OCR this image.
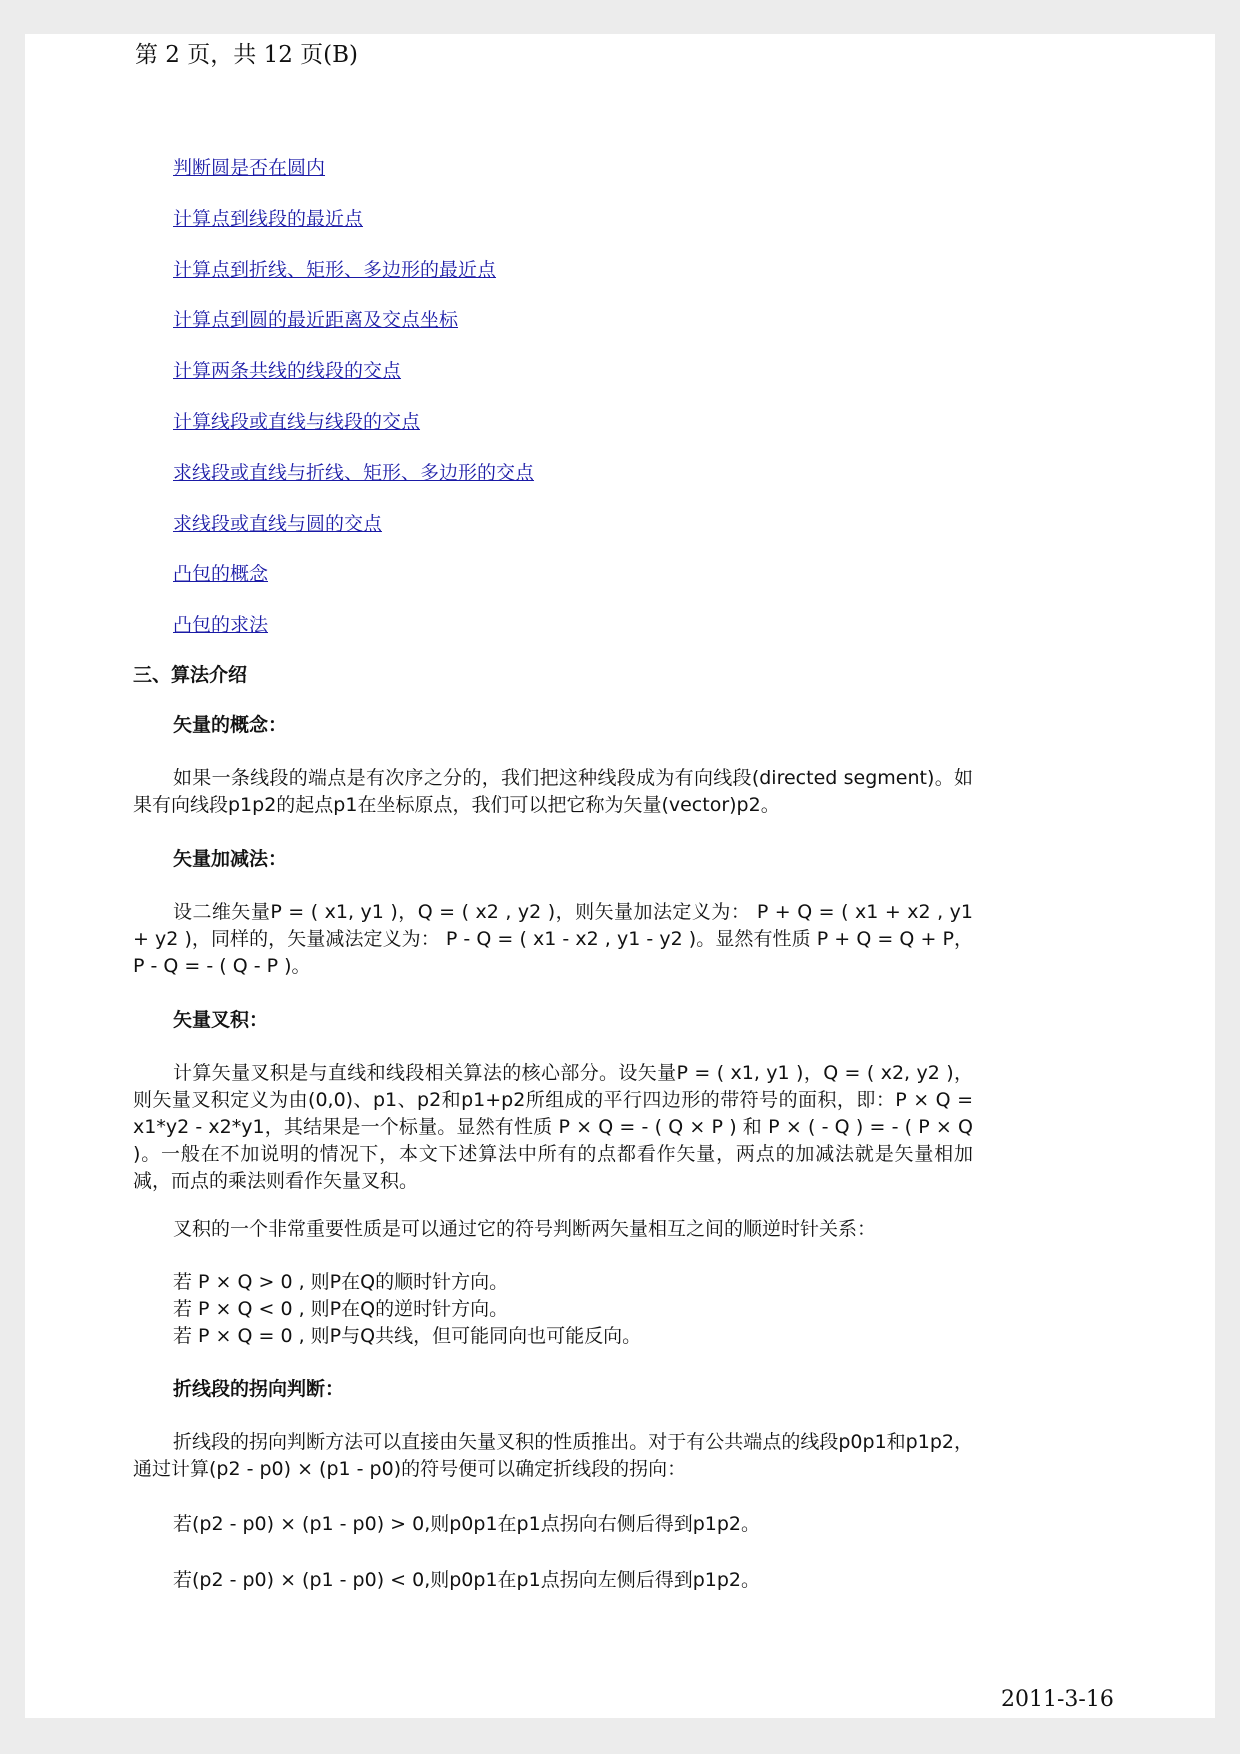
第 2 页，共 12 页(B)
判断圆是否在圆内
计算点到线段的最近点
计算点到折线、矩形、多边形的最近点
计算点到圆的最近距离及交点坐标
计算两条共线的线段的交点
计算线段或直线与线段的交点
求线段或直线与折线、矩形、多边形的交点
求线段或直线与圆的交点
凸包的概念
凸包的求法
三、算法介绍
矢量的概念：

如果一条线段的端点是有次序之分的，我们把这种线段成为有向线段(directed segment)。如果有向线段p1p2的起点p1在坐标原点，我们可以把它称为矢量(vector)p2。

矢量加减法：

设二维矢量P = ( x1, y1 )，Q = ( x2 , y2 )，则矢量加法定义为： P + Q = ( x1 + x2 , y1 + y2 )，同样的，矢量减法定义为： P - Q = ( x1 - x2 , y1 - y2 )。显然有性质 P + Q = Q + P，P - Q = - ( Q - P )。

矢量叉积：

计算矢量叉积是与直线和线段相关算法的核心部分。设矢量P = ( x1, y1 )，Q = ( x2, y2 )，则矢量叉积定义为由(0,0)、p1、p2和p1+p2所组成的平行四边形的带符号的面积，即：P × Q = x1*y2 - x2*y1，其结果是一个标量。显然有性质 P × Q = - ( Q × P ) 和 P × ( - Q ) = - ( P × Q )。一般在不加说明的情况下，本文下述算法中所有的点都看作矢量，两点的加减法就是矢量相加减，而点的乘法则看作矢量叉积。

叉积的一个非常重要性质是可以通过它的符号判断两矢量相互之间的顺逆时针关系：

若 P × Q > 0 , 则P在Q的顺时针方向。
若 P × Q < 0 , 则P在Q的逆时针方向。
若 P × Q = 0 , 则P与Q共线，但可能同向也可能反向。
折线段的拐向判断：

折线段的拐向判断方法可以直接由矢量叉积的性质推出。对于有公共端点的线段p0p1和p1p2，通过计算(p2 - p0) × (p1 - p0)的符号便可以确定折线段的拐向：

若(p2 - p0) × (p1 - p0) > 0,则p0p1在p1点拐向右侧后得到p1p2。
若(p2 - p0) × (p1 - p0) < 0,则p0p1在p1点拐向左侧后得到p1p2。
2011-3-16
